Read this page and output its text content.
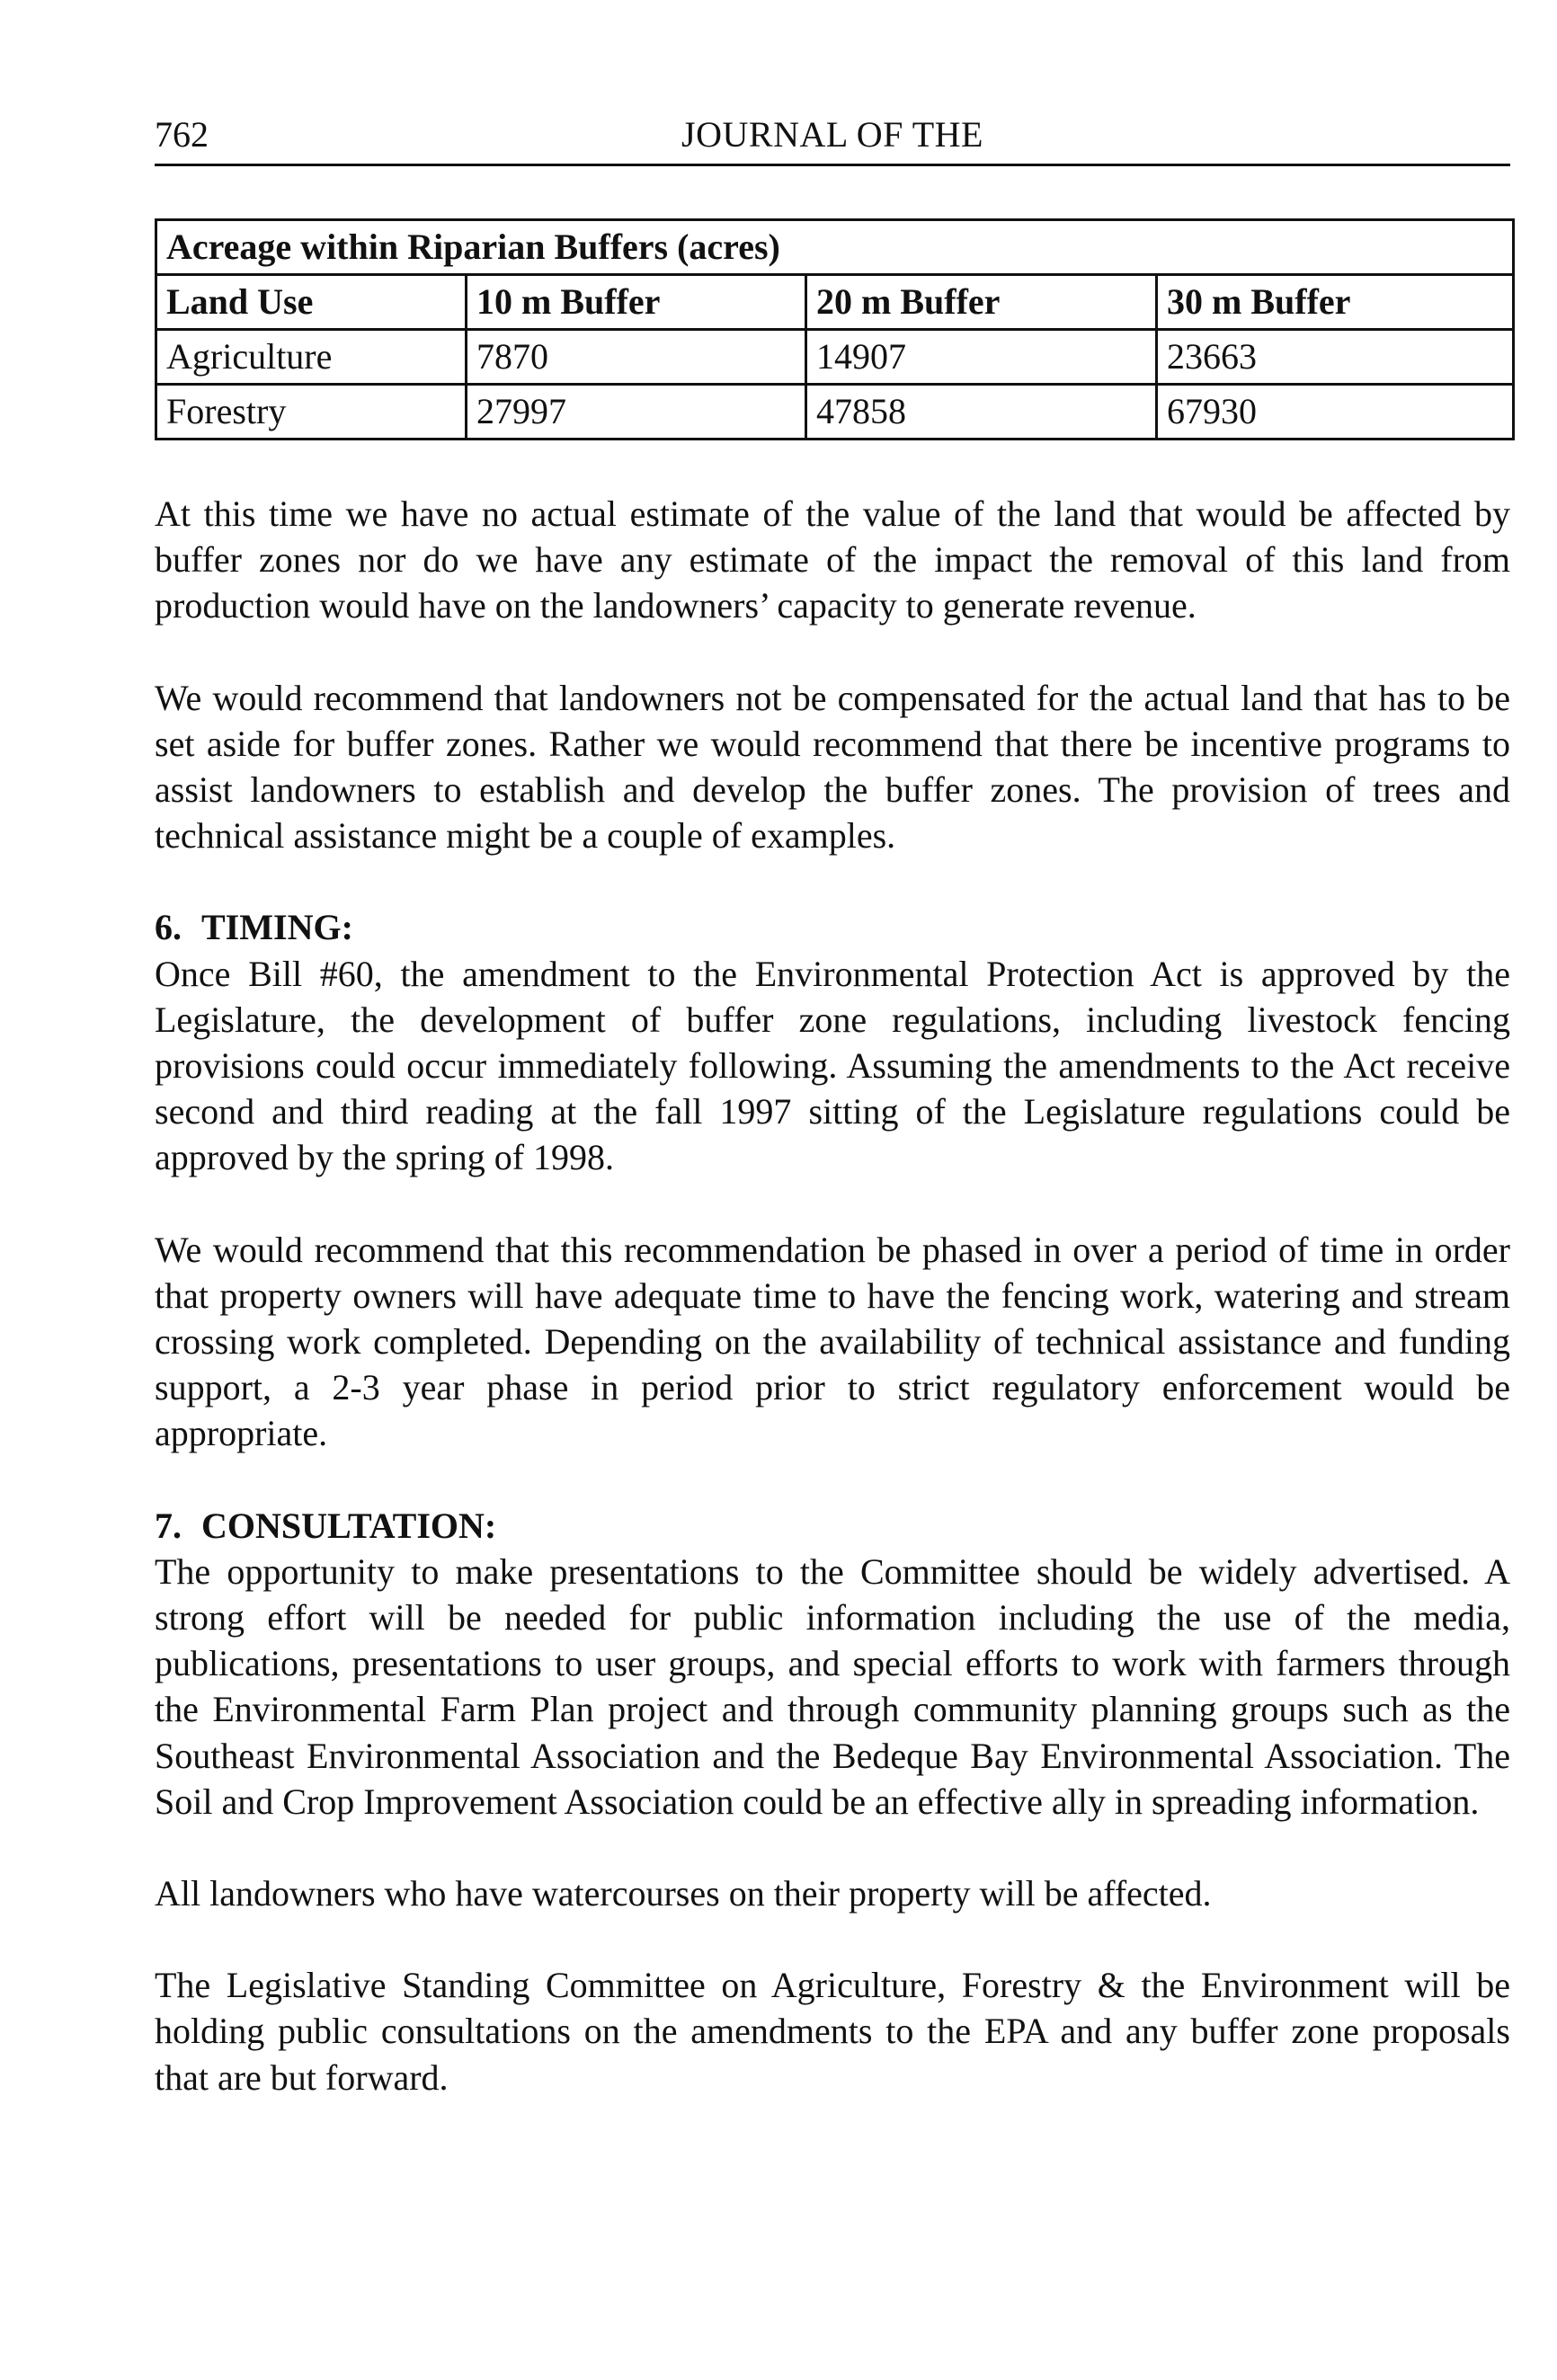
762	JOURNAL OF THE
Acreage within Riparian Buffers (acres)			
Land Use	10 m Buffer	20 m Buffer	30 m Buffer
Agriculture	7870	14907	23663
Forestry	27997	47858	67930

At this time we have no actual estimate of the value of the land that would be affected by buffer zones nor do we have any estimate of the impact the removal of this land from production would have on the landowners’ capacity to generate revenue.

We would recommend that landowners not be compensated for the actual land that has to be set aside for buffer zones. Rather we would recommend that there be incentive programs to assist landowners to establish and develop the buffer zones. The provision of trees and technical assistance might be a couple of examples.

6. TIMING:

Once Bill #60, the amendment to the Environmental Protection Act is approved by the Legislature, the development of buffer zone regulations, including livestock fencing provisions could occur immediately following. Assuming the amendments to the Act receive second and third reading at the fall 1997 sitting of the Legislature regulations could be approved by the spring of 1998.

We would recommend that this recommendation be phased in over a period of time in order that property owners will have adequate time to have the fencing work, watering and stream crossing work completed. Depending on the availability of technical assistance and funding support, a 2-3 year phase in period prior to strict regulatory enforcement would be appropriate.

7. CONSULTATION:

The opportunity to make presentations to the Committee should be widely advertised. A strong effort will be needed for public information including the use of the media, publications, presentations to user groups, and special efforts to work with farmers through the Environmental Farm Plan project and through community planning groups such as the Southeast Environmental Association and the Bedeque Bay Environmental Association. The Soil and Crop Improvement Association could be an effective ally in spreading information.

All landowners who have watercourses on their property will be affected.

The Legislative Standing Committee on Agriculture, Forestry & the Environment will be holding public consultations on the amendments to the EPA and any buffer zone proposals that are but forward.
